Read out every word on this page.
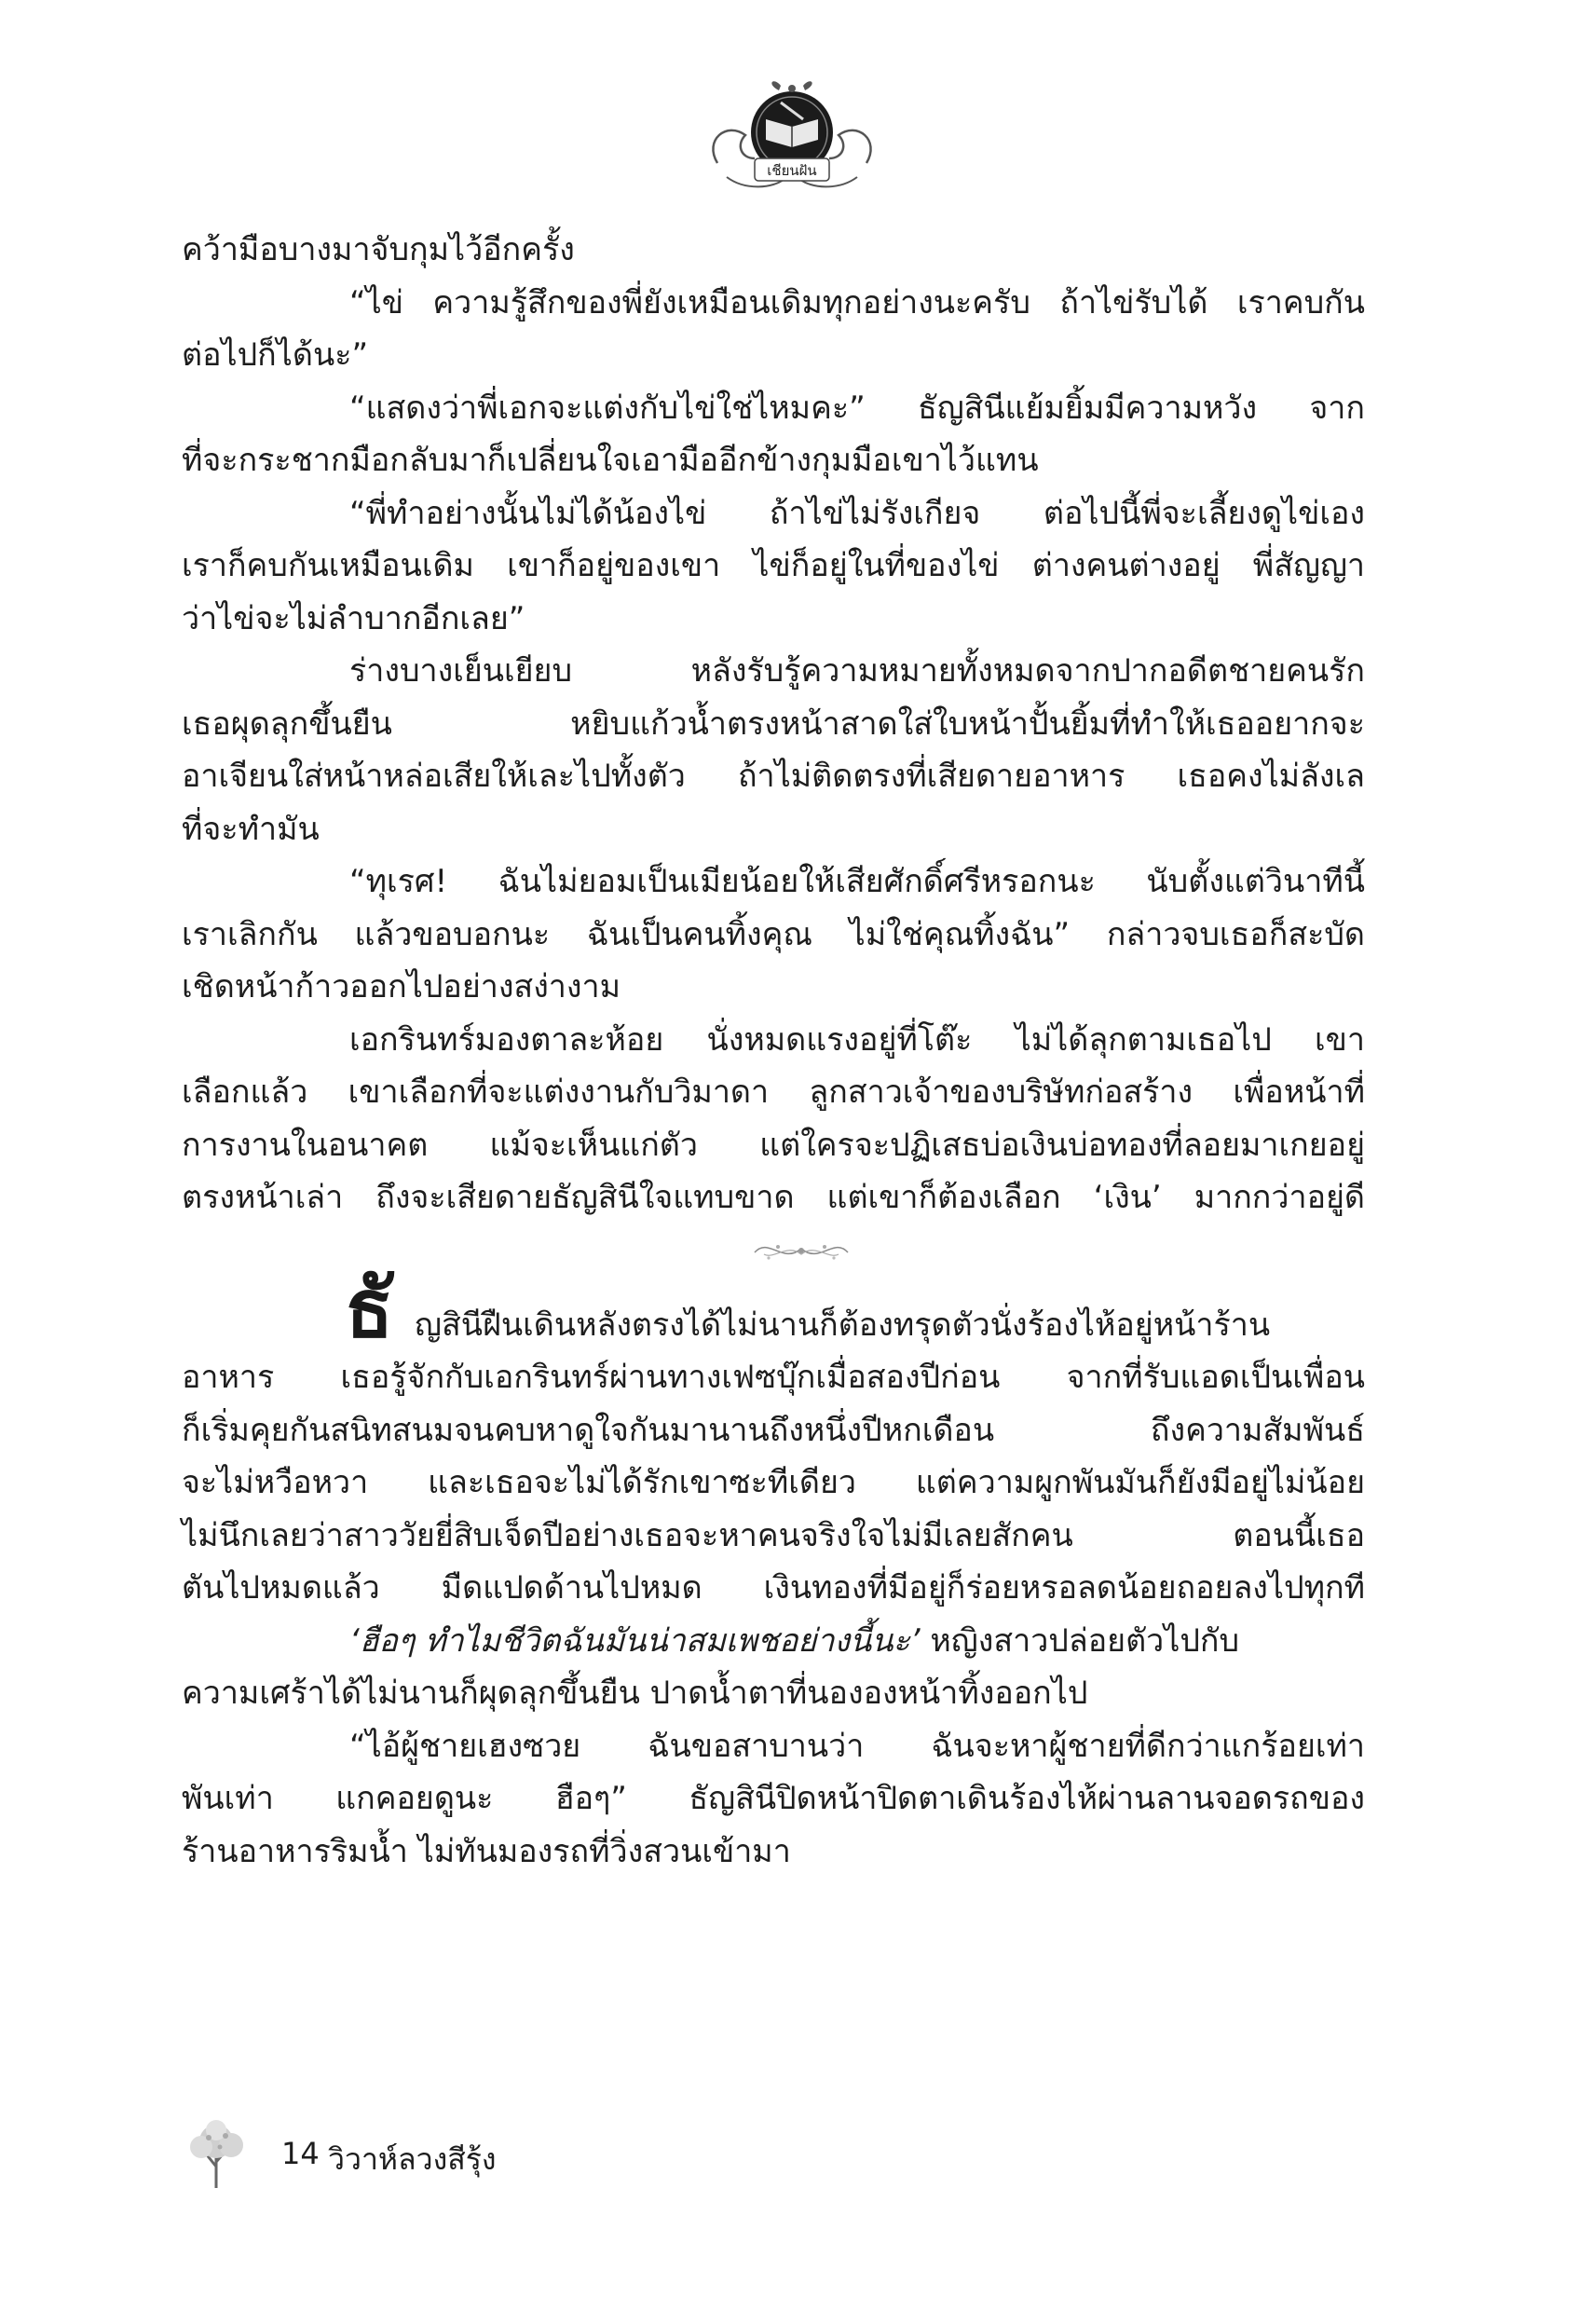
เชียนฝัน
คว้ามือบางมาจับกุมไว้อีกครั้ง
“ไข่ ความรู้สึกของพี่ยังเหมือนเดิมทุกอย่างนะครับ ถ้าไข่รับได้ เราคบกัน
ต่อไปก็ได้นะ”
“แสดงว่าพี่เอกจะแต่งกับไข่ใช่ไหมคะ” ธัญสินีแย้มยิ้มมีความหวัง จาก
ที่จะกระชากมือกลับมาก็เปลี่ยนใจเอามืออีกข้างกุมมือเขาไว้แทน
“พี่ทำอย่างนั้นไม่ได้น้องไข่ ถ้าไข่ไม่รังเกียจ ต่อไปนี้พี่จะเลี้ยงดูไข่เอง
เราก็คบกันเหมือนเดิม เขาก็อยู่ของเขา ไข่ก็อยู่ในที่ของไข่ ต่างคนต่างอยู่ พี่สัญญา
ว่าไข่จะไม่ลำบากอีกเลย”
ร่างบางเย็นเยียบ หลังรับรู้ความหมายทั้งหมดจากปากอดีตชายคนรัก
เธอผุดลุกขึ้นยืน หยิบแก้วน้ำตรงหน้าสาดใส่ใบหน้าปั้นยิ้มที่ทำให้เธออยากจะ
อาเจียนใส่หน้าหล่อเสียให้เละไปทั้งตัว ถ้าไม่ติดตรงที่เสียดายอาหาร เธอคงไม่ลังเล
ที่จะทำมัน
“ทุเรศ! ฉันไม่ยอมเป็นเมียน้อยให้เสียศักดิ์ศรีหรอกนะ นับตั้งแต่วินาทีนี้
เราเลิกกัน แล้วขอบอกนะ ฉันเป็นคนทิ้งคุณ ไม่ใช่คุณทิ้งฉัน” กล่าวจบเธอก็สะบัด
เชิดหน้าก้าวออกไปอย่างสง่างาม
เอกรินทร์มองตาละห้อย นั่งหมดแรงอยู่ที่โต๊ะ ไม่ได้ลุกตามเธอไป เขา
เลือกแล้ว เขาเลือกที่จะแต่งงานกับวิมาดา ลูกสาวเจ้าของบริษัทก่อสร้าง เพื่อหน้าที่
การงานในอนาคต แม้จะเห็นแก่ตัว แต่ใครจะปฏิเสธบ่อเงินบ่อทองที่ลอยมาเกยอยู่
ตรงหน้าเล่า ถึงจะเสียดายธัญสินีใจแทบขาด แต่เขาก็ต้องเลือก ‘เงิน’ มากกว่าอยู่ดี
ธั ญสินีฝืนเดินหลังตรงได้ไม่นานก็ต้องทรุดตัวนั่งร้องไห้อยู่หน้าร้าน
อาหาร เธอรู้จักกับเอกรินทร์ผ่านทางเฟซบุ๊กเมื่อสองปีก่อน จากที่รับแอดเป็นเพื่อน
ก็เริ่มคุยกันสนิทสนมจนคบหาดูใจกันมานานถึงหนึ่งปีหกเดือน ถึงความสัมพันธ์
จะไม่หวือหวา และเธอจะไม่ได้รักเขาซะทีเดียว แต่ความผูกพันมันก็ยังมีอยู่ไม่น้อย
ไม่นึกเลยว่าสาววัยยี่สิบเจ็ดปีอย่างเธอจะหาคนจริงใจไม่มีเลยสักคน ตอนนี้เธอ
ตันไปหมดแล้ว มืดแปดด้านไปหมด เงินทองที่มีอยู่ก็ร่อยหรอลดน้อยถอยลงไปทุกที
‘ฮือๆ ทำไมชีวิตฉันมันน่าสมเพชอย่างนี้นะ’ หญิงสาวปล่อยตัวไปกับ
ความเศร้าได้ไม่นานก็ผุดลุกขึ้นยืน ปาดน้ำตาที่นององหน้าทิ้งออกไป
“ไอ้ผู้ชายเฮงซวย ฉันขอสาบานว่า ฉันจะหาผู้ชายที่ดีกว่าแกร้อยเท่า
พันเท่า แกคอยดูนะ ฮือๆ” ธัญสินีปิดหน้าปิดตาเดินร้องไห้ผ่านลานจอดรถของ
ร้านอาหารริมน้ำ ไม่ทันมองรถที่วิ่งสวนเข้ามา
14 วิวาห์ลวงสีรุ้ง
